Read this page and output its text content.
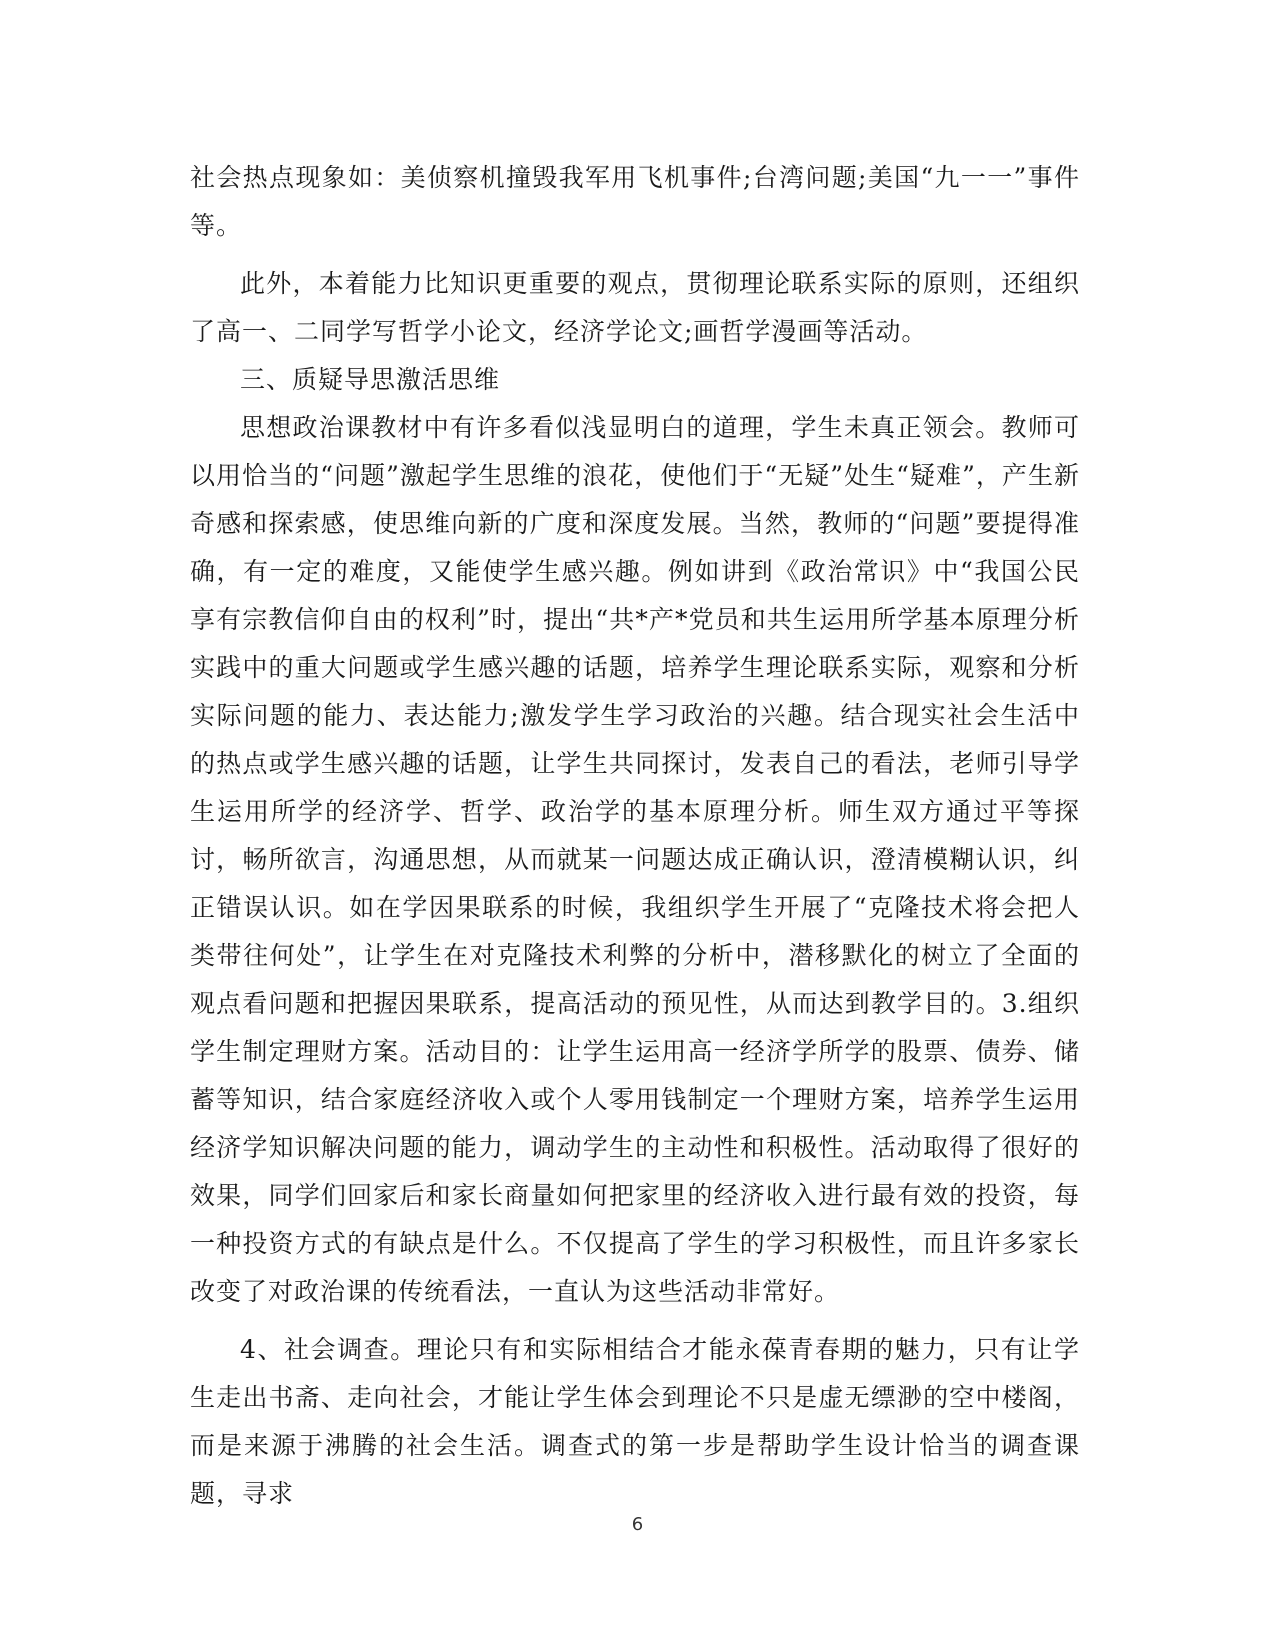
社会热点现象如：美侦察机撞毁我军用飞机事件;台湾问题;美国“九一一”事件等。

此外，本着能力比知识更重要的观点，贯彻理论联系实际的原则，还组织了高一、二同学写哲学小论文，经济学论文;画哲学漫画等活动。

三、质疑导思激活思维

思想政治课教材中有许多看似浅显明白的道理，学生未真正领会。教师可以用恰当的“问题”激起学生思维的浪花，使他们于“无疑”处生“疑难”，产生新奇感和探索感，使思维向新的广度和深度发展。当然，教师的“问题”要提得准确，有一定的难度，又能使学生感兴趣。例如讲到《政治常识》中“我国公民享有宗教信仰自由的权利”时，提出“共*产*党员和共生运用所学基本原理分析实践中的重大问题或学生感兴趣的话题，培养学生理论联系实际，观察和分析实际问题的能力、表达能力;激发学生学习政治的兴趣。结合现实社会生活中的热点或学生感兴趣的话题，让学生共同探讨，发表自己的看法，老师引导学生运用所学的经济学、哲学、政治学的基本原理分析。师生双方通过平等探讨，畅所欲言，沟通思想，从而就某一问题达成正确认识，澄清模糊认识，纠正错误认识。如在学因果联系的时候，我组织学生开展了“克隆技术将会把人类带往何处”，让学生在对克隆技术利弊的分析中，潜移默化的树立了全面的观点看问题和把握因果联系，提高活动的预见性，从而达到教学目的。3.组织学生制定理财方案。活动目的：让学生运用高一经济学所学的股票、债券、储蓄等知识，结合家庭经济收入或个人零用钱制定一个理财方案，培养学生运用经济学知识解决问题的能力，调动学生的主动性和积极性。活动取得了很好的效果，同学们回家后和家长商量如何把家里的经济收入进行最有效的投资，每一种投资方式的有缺点是什么。不仅提高了学生的学习积极性，而且许多家长改变了对政治课的传统看法，一直认为这些活动非常好。

4、社会调查。理论只有和实际相结合才能永葆青春期的魅力，只有让学生走出书斋、走向社会，才能让学生体会到理论不只是虚无缥渺的空中楼阁，而是来源于沸腾的社会生活。调查式的第一步是帮助学生设计恰当的调查课题，寻求

6
